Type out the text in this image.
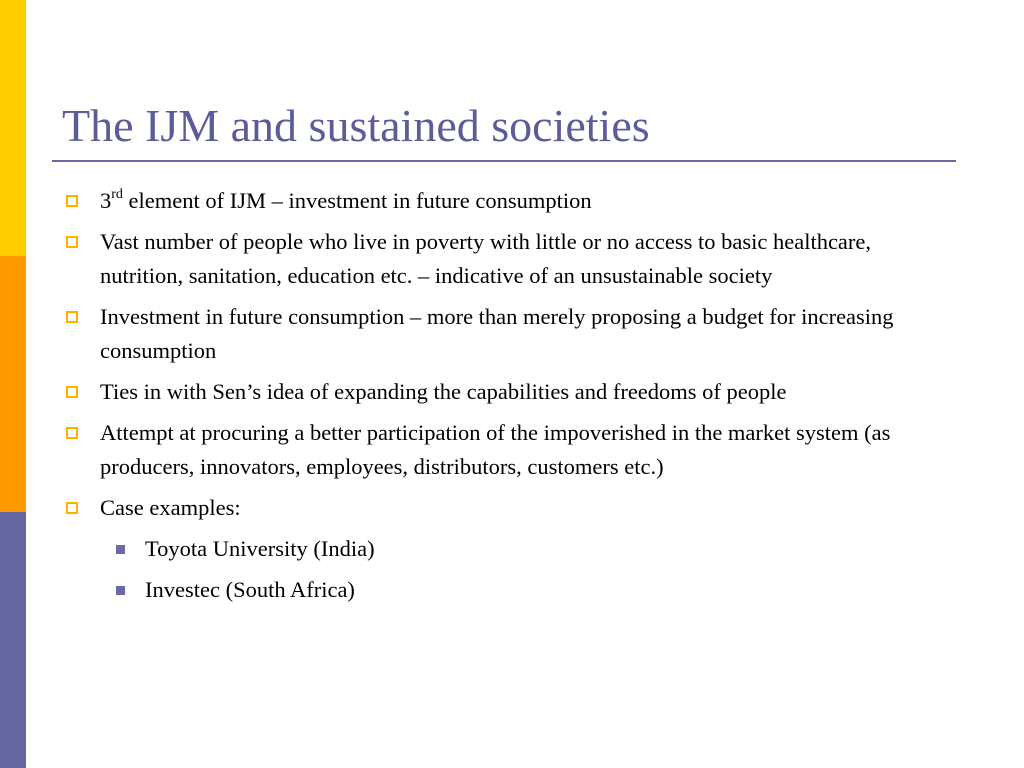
The IJM and sustained societies
3rd element of IJM – investment in future consumption
Vast number of people who live in poverty with little or no access to basic healthcare, nutrition, sanitation, education etc. – indicative of an unsustainable society
Investment in future consumption – more than merely proposing a budget for increasing consumption
Ties in with Sen’s idea of expanding the capabilities and freedoms of people
Attempt at procuring a better participation of the impoverished in the market system (as producers, innovators, employees, distributors, customers etc.)
Case examples:
Toyota University (India)
Investec (South Africa)
